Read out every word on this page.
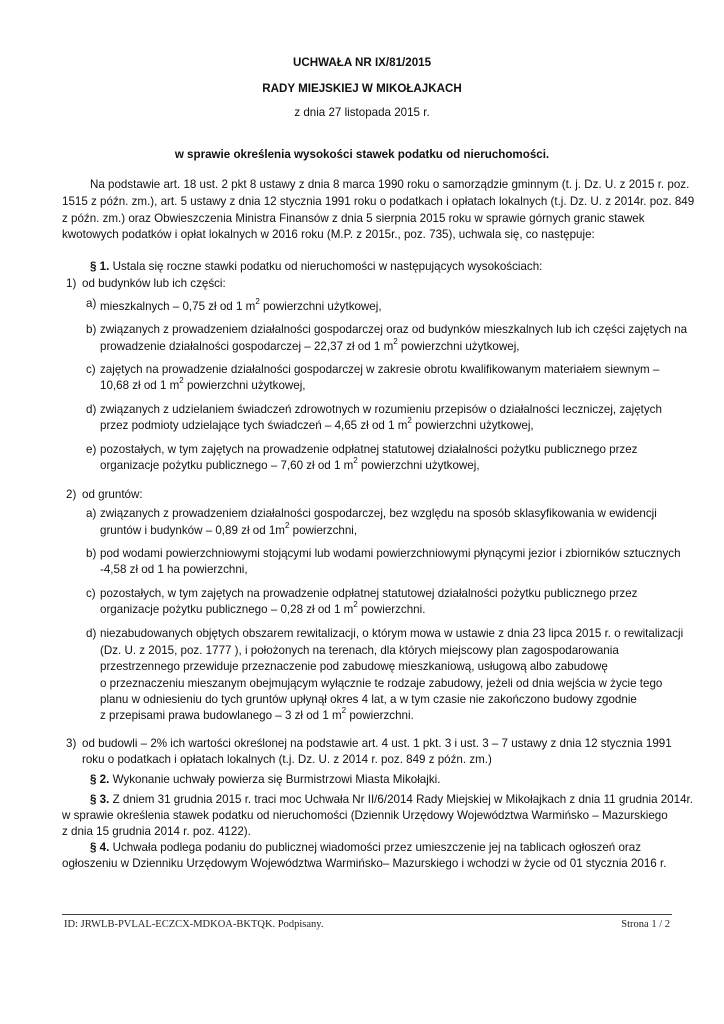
UCHWAŁA NR IX/81/2015
RADY MIEJSKIEJ W MIKOŁAJKACH
z dnia 27 listopada 2015 r.
w sprawie określenia wysokości stawek podatku od nieruchomości.
Na podstawie art. 18 ust. 2 pkt 8 ustawy z dnia 8 marca 1990 roku o samorządzie gminnym (t. j. Dz. U. z 2015 r. poz.
1515 z późn. zm.), art. 5 ustawy z dnia 12 stycznia 1991 roku o podatkach i opłatach lokalnych (t.j. Dz. U. z 2014r. poz. 849
z późn. zm.) oraz Obwieszczenia Ministra Finansów z dnia 5 sierpnia 2015 roku w sprawie górnych granic stawek
kwotowych podatków i opłat lokalnych w 2016 roku (M.P. z 2015r., poz. 735), uchwala się, co następuje:
§ 1. Ustala się roczne stawki podatku od nieruchomości w następujących wysokościach:
1) od budynków lub ich części:
a) mieszkalnych – 0,75 zł od 1 $m^2$ powierzchni użytkowej,
b) związanych z prowadzeniem działalności gospodarczej oraz od budynków mieszkalnych lub ich części zajętych na
prowadzenie działalności gospodarczej – 22,37 zł od 1 $m^2$ powierzchni użytkowej,
c) zajętych na prowadzenie działalności gospodarczej w zakresie obrotu kwalifikowanym materiałem siewnym –
10,68 zł od 1 $m^2$ powierzchni użytkowej,
d) związanych z udzielaniem świadczeń zdrowotnych w rozumieniu przepisów o działalności leczniczej, zajętych
przez podmioty udzielające tych świadczeń – 4,65 zł od 1 $m^2$ powierzchni użytkowej,
e) pozostałych, w tym zajętych na prowadzenie odpłatnej statutowej działalności pożytku publicznego przez
organizacje pożytku publicznego – 7,60 zł od 1 $m^2$ powierzchni użytkowej,
2) od gruntów:
a) związanych z prowadzeniem działalności gospodarczej, bez względu na sposób sklasyfikowania w ewidencji
gruntów i budynków – 0,89 zł od $1m^2$ powierzchni,
b) pod wodami powierzchniowymi stojącymi lub wodami powierzchniowymi płynącymi jezior i zbiorników sztucznych
-4,58 zł od 1 ha powierzchni,
c) pozostałych, w tym zajętych na prowadzenie odpłatnej statutowej działalności pożytku publicznego przez
organizacje pożytku publicznego – 0,28 zł od 1 $m^2$ powierzchni.
d) niezabudowanych objętych obszarem rewitalizacji, o którym mowa w ustawie z dnia 23 lipca 2015 r. o rewitalizacji
(Dz. U. z 2015, poz. 1777 ), i położonych na terenach, dla których miejscowy plan zagospodarowania
przestrzennego przewiduje przeznaczenie pod zabudowę mieszkaniową, usługową albo zabudowę
o przeznaczeniu mieszanym obejmującym wyłącznie te rodzaje zabudowy, jeżeli od dnia wejścia w życie tego
planu w odniesieniu do tych gruntów upłynął okres 4 lat, a w tym czasie nie zakończono budowy zgodnie
z przepisami prawa budowlanego – 3 zł od 1 $m^2$ powierzchni.
3) od budowli – 2% ich wartości określonej na podstawie art. 4 ust. 1 pkt. 3 i ust. 3 – 7 ustawy z dnia 12 stycznia 1991
roku o podatkach i opłatach lokalnych (t.j. Dz. U. z 2014 r. poz. 849 z późn. zm.)
§ 2. Wykonanie uchwały powierza się Burmistrzowi Miasta Mikołajki.
§ 3. Z dniem 31 grudnia 2015 r. traci moc Uchwała Nr II/6/2014 Rady Miejskiej w Mikołajkach z dnia 11 grudnia 2014r.
w sprawie określenia stawek podatku od nieruchomości (Dziennik Urzędowy Województwa Warmińsko – Mazurskiego
z dnia 15 grudnia 2014 r. poz. 4122).
§ 4. Uchwała podlega podaniu do publicznej wiadomości przez umieszczenie jej na tablicach ogłoszeń oraz
ogłoszeniu w Dzienniku Urzędowym Województwa Warmińsko– Mazurskiego i wchodzi w życie od 01 stycznia 2016 r.
ID: JRWLB-PVLAL-ECZCX-MDKOA-BKTQK. Podpisany.	Strona 1 / 2
